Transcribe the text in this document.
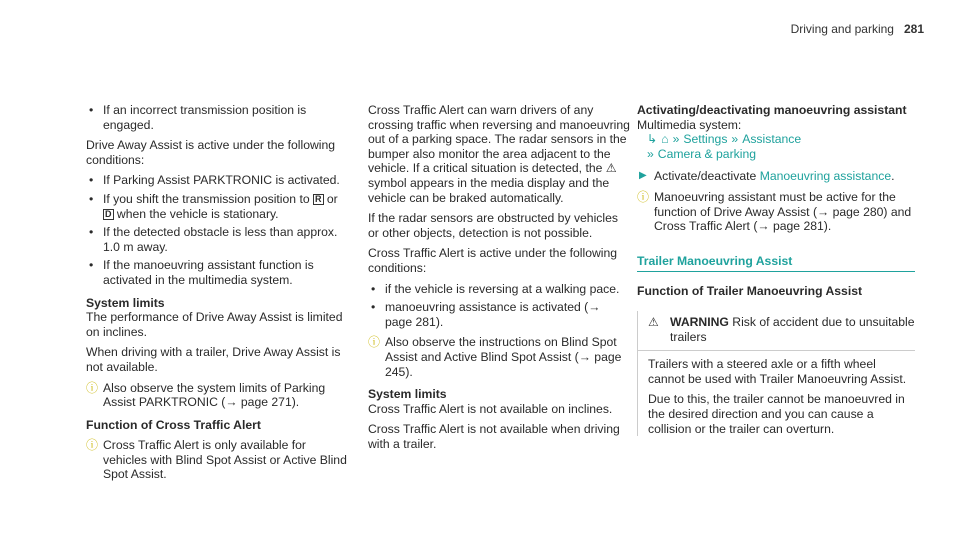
Driving and parking 281
• If an incorrect transmission position is engaged.

Drive Away Assist is active under the following conditions:

• If Parking Assist PARKTRONIC is activated.
• If you shift the transmission position to R or D when the vehicle is stationary.
• If the detected obstacle is less than approx. 1.0 m away.
• If the manoeuvring assistant function is activated in the multimedia system.
System limits

The performance of Drive Away Assist is limited on inclines.

When driving with a trailer, Drive Away Assist is not available.

ⓘ Also observe the system limits of Parking Assist PARKTRONIC (→ page 271).
Function of Cross Traffic Alert
ⓘ Cross Traffic Alert is only available for vehicles with Blind Spot Assist or Active Blind Spot Assist.

Cross Traffic Alert can warn drivers of any crossing traffic when reversing and manoeuvring out of a parking space. The radar sensors in the bumper also monitor the area adjacent to the vehicle. If a critical situation is detected, the ⚠ symbol appears in the media display and the vehicle can be braked automatically.

If the radar sensors are obstructed by vehicles or other objects, detection is not possible.

Cross Traffic Alert is active under the following conditions:

• if the vehicle is reversing at a walking pace.
• manoeuvring assistance is activated (→ page 281).
ⓘ Also observe the instructions on Blind Spot Assist and Active Blind Spot Assist (→ page 245).
System limits

Cross Traffic Alert is not available on inclines.

Cross Traffic Alert is not available when driving with a trailer.

Activating/deactivating manoeuvring assistant
Multimedia system:
↳ ⌂ » Settings » Assistance
» Camera & parking
▶ Activate/deactivate Manoeuvring assistance.
ⓘ Manoeuvring assistant must be active for the function of Drive Away Assist (→ page 280) and Cross Traffic Alert (→ page 281).
Trailer Manoeuvring Assist
Function of Trailer Manoeuvring Assist
⚠ WARNING Risk of accident due to unsuitable trailers

Trailers with a steered axle or a fifth wheel cannot be used with Trailer Manoeuvring Assist.

Due to this, the trailer cannot be manoeuvred in the desired direction and you can cause a collision or the trailer can overturn.
